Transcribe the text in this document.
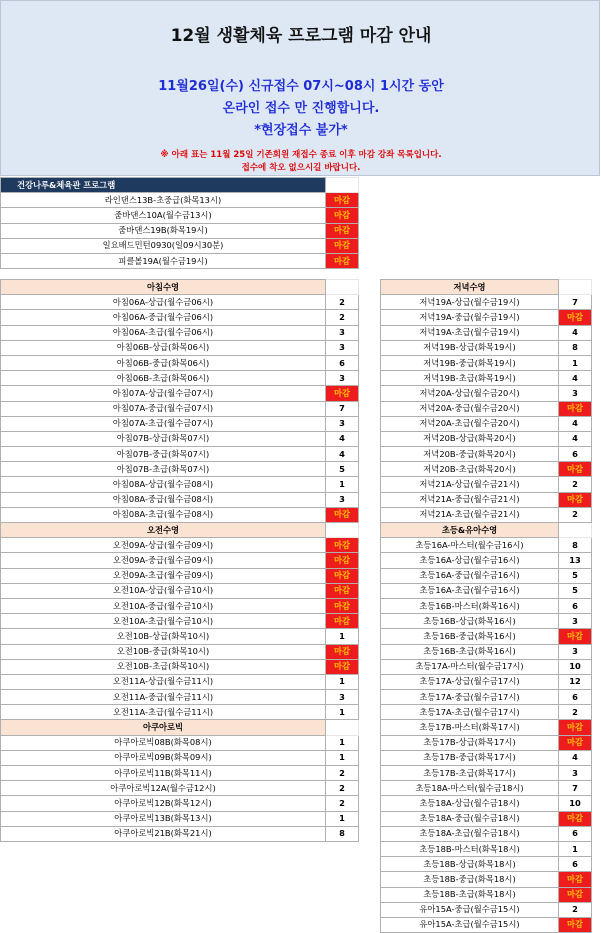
12월 생활체육 프로그램 마감 안내
11월26일(수) 신규접수 07시~08시 1시간 동안
온라인 접수 만 진행합니다.
*현장접수 불가*
※ 아래 표는 11월 25일 기존회원 재접수 종료 이후 마감 강좌 목록입니다.
접수에 착오 없으시길 바랍니다.
건강나루&체육관 프로그램	
라인댄스13B-초중급(화목13시)	마감
줌바댄스10A(월수금13시)	마감
줌바댄스19B(화목19시)	마감
일요배드민턴0930(일09시30분)	마감
피클볼19A(월수금19시)	마감
아침수영	
아침06A-상급(월수금06시)	2
아침06A-중급(월수금06시)	2
아침06A-초급(월수금06시)	3
아침06B-상급(화목06시)	3
아침06B-중급(화목06시)	6
아침06B-초급(화목06시)	3
아침07A-상급(월수금07시)	마감
아침07A-중급(월수금07시)	7
아침07A-초급(월수금07시)	3
아침07B-상급(화목07시)	4
아침07B-중급(화목07시)	4
아침07B-초급(화목07시)	5
아침08A-상급(월수금08시)	1
아침08A-중급(월수금08시)	3
아침08A-초급(월수금08시)	마감
오전수영	
오전09A-상급(월수금09시)	마감
오전09A-중급(월수금09시)	마감
오전09A-초급(월수금09시)	마감
오전10A-상급(월수금10시)	마감
오전10A-중급(월수금10시)	마감
오전10A-초급(월수금10시)	마감
오전10B-상급(화목10시)	1
오전10B-중급(화목10시)	마감
오전10B-초급(화목10시)	마감
오전11A-상급(월수금11시)	1
오전11A-중급(월수금11시)	3
오전11A-초급(월수금11시)	1
아쿠아로빅	
아쿠아로빅08B(화목08시)	1
아쿠아로빅09B(화목09시)	1
아쿠아로빅11B(화목11시)	2
아쿠아로빅12A(월수금12시)	2
아쿠아로빅12B(화목12시)	2
아쿠아로빅13B(화목13시)	1
아쿠아로빅21B(화목21시)	8
저녁수영	
저녁19A-상급(월수금19시)	7
저녁19A-중급(월수금19시)	마감
저녁19A-초급(월수금19시)	4
저녁19B-상급(화목19시)	8
저녁19B-중급(화목19시)	1
저녁19B-초급(화목19시)	4
저녁20A-상급(월수금20시)	3
저녁20A-중급(월수금20시)	마감
저녁20A-초급(월수금20시)	4
저녁20B-상급(화목20시)	4
저녁20B-중급(화목20시)	6
저녁20B-초급(화목20시)	마감
저녁21A-상급(월수금21시)	2
저녁21A-중급(월수금21시)	마감
저녁21A-초급(월수금21시)	2
초등&유아수영	
초등16A-마스터(월수금16시)	8
초등16A-상급(월수금16시)	13
초등16A-중급(월수금16시)	5
초등16A-초급(월수금16시)	5
초등16B-마스터(화목16시)	6
초등16B-상급(화목16시)	3
초등16B-중급(화목16시)	마감
초등16B-초급(화목16시)	3
초등17A-마스터(월수금17시)	10
초등17A-상급(월수금17시)	12
초등17A-중급(월수금17시)	6
초등17A-초급(월수금17시)	2
초등17B-마스터(화목17시)	마감
초등17B-상급(화목17시)	마감
초등17B-중급(화목17시)	4
초등17B-초급(화목17시)	3
초등18A-마스터(월수금18시)	7
초등18A-상급(월수금18시)	10
초등18A-중급(월수금18시)	마감
초등18A-초급(월수금18시)	6
초등18B-마스터(화목18시)	1
초등18B-상급(화목18시)	6
초등18B-중급(화목18시)	마감
초등18B-초급(화목18시)	마감
유아15A-중급(월수금15시)	2
유아15A-초급(월수금15시)	마감
